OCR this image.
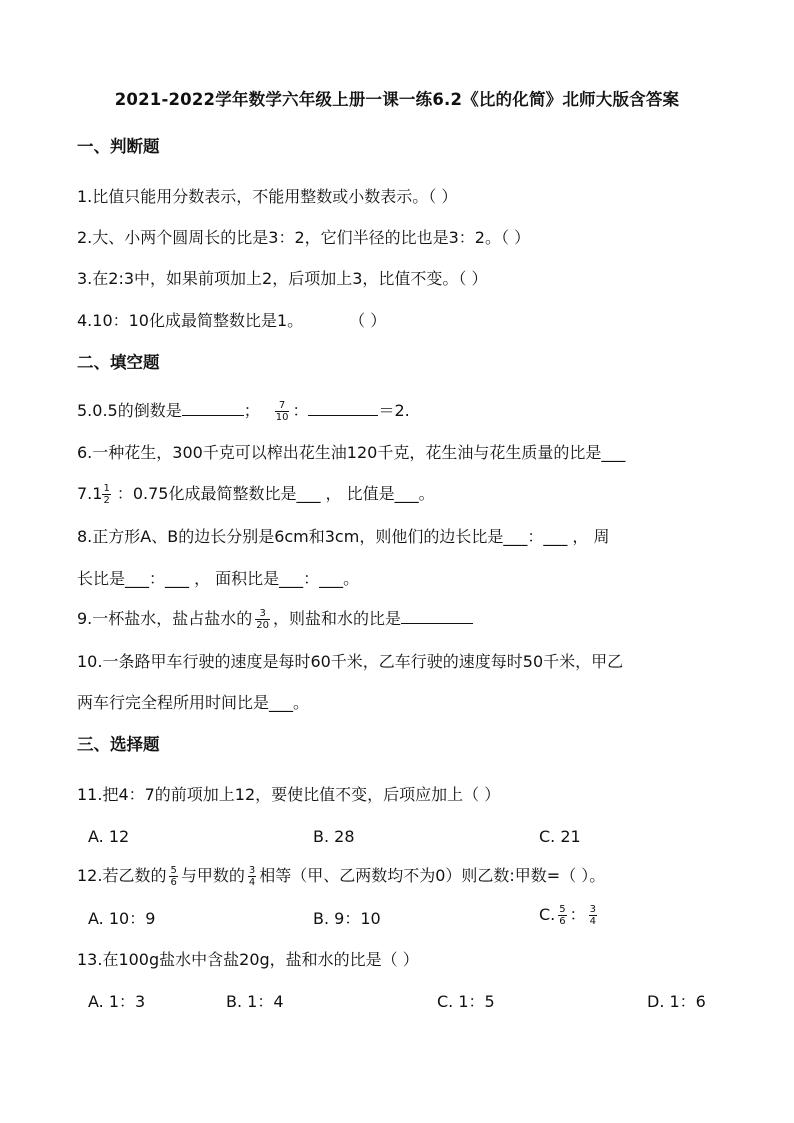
2021-2022学年数学六年级上册一课一练6.2《比的化简》北师大版含答案
一、判断题
1.比值只能用分数表示，不能用整数或小数表示。（ ）
2.大、小两个圆周长的比是3：2，它们半径的比也是3：2。（ ）
3.在2:3中，如果前项加上2，后项加上3，比值不变。（ ）
4.10：10化成最简整数比是1。	（ ）
二、填空题
5.0.5的倒数是	； $\frac{7}{10}$ ：	＝2.
6.一种花生，300千克可以榨出花生油120千克，花生油与花生质量的比是___
$7.1 \frac{1}{2}$ ：0.75化成最简整数比是___ ， 比值是___。
8.正方形A、B的边长分别是6cm和3cm，则他们的边长比是___：___ ， 周
长比是___：___ ， 面积比是___：___。
9.一杯盐水，盐占盐水的 $\frac{3}{20}$ ，则盐和水的比是
10.一条路甲车行驶的速度是每时60千米，乙车行驶的速度每时50千米，甲乙
两车行完全程所用时间比是___。
三、选择题
11.把4：7的前项加上12，要使比值不变，后项应加上（ ）
A. 12	B. 28	C. 21
12.若乙数的 $\frac{5}{6}$ 与甲数的 $\frac{3}{4}$ 相等（甲、乙两数均不为0）则乙数:甲数=（ ）。
A. 10：9	B. 9：10	C. $\frac{5}{6}$ ： $\frac{3}{4}$
13.在100g盐水中含盐20g，盐和水的比是（ ）
A. 1：3	B. 1：4	C. 1：5	D. 1：6
